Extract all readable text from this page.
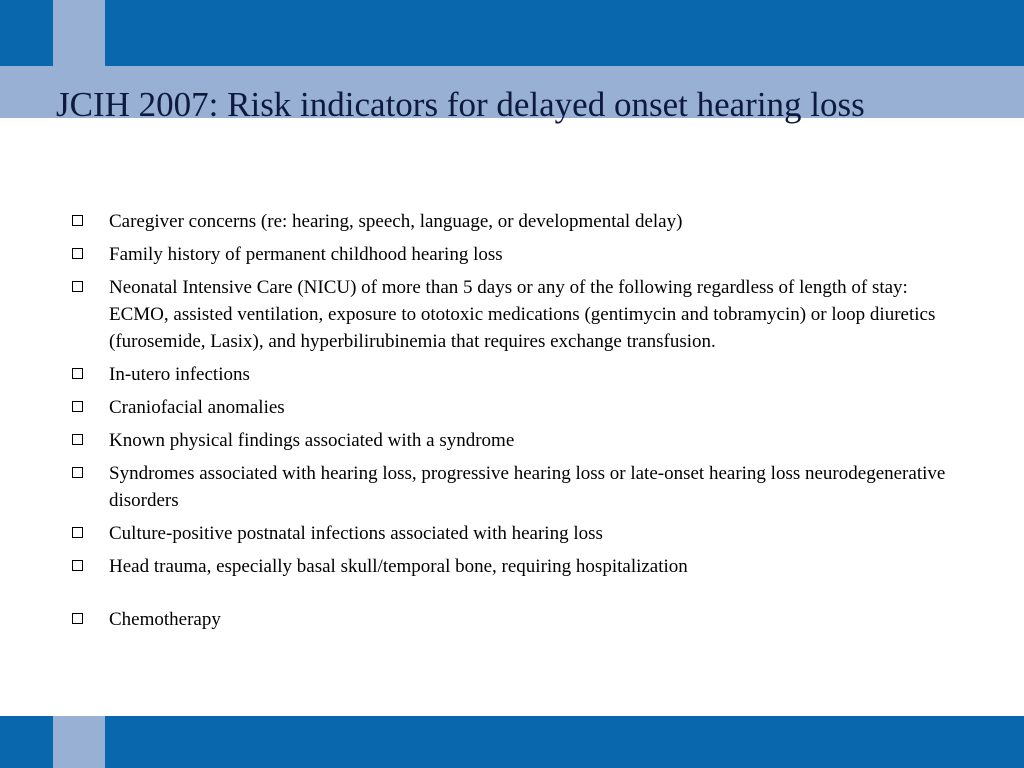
JCIH 2007: Risk indicators for delayed onset hearing loss
Caregiver concerns (re: hearing, speech, language, or developmental delay)
Family history of permanent childhood hearing loss
Neonatal Intensive Care (NICU) of more than 5 days or any of the following regardless of length of stay: ECMO, assisted ventilation, exposure to ototoxic medications (gentimycin and tobramycin) or loop diuretics (furosemide, Lasix), and hyperbilirubinemia that requires exchange transfusion.
In-utero infections
Craniofacial anomalies
Known physical findings associated with a syndrome
Syndromes associated with hearing loss, progressive hearing loss or late-onset hearing loss neurodegenerative disorders
Culture-positive postnatal infections associated with hearing loss
Head trauma, especially basal skull/temporal bone, requiring hospitalization
Chemotherapy
